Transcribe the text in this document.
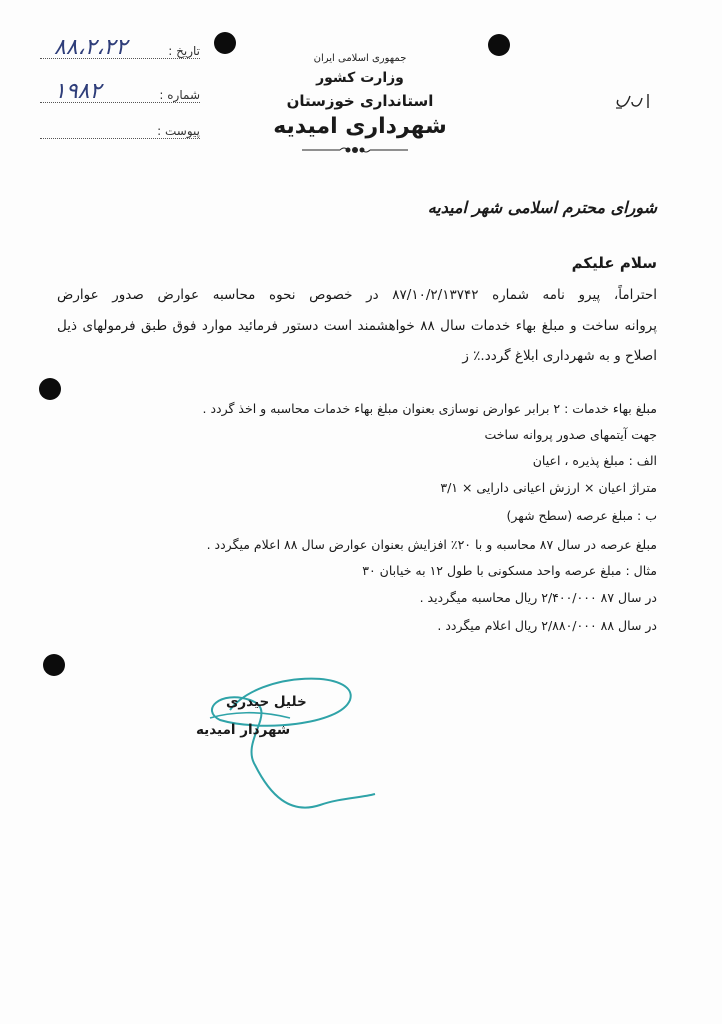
۸۸،۲،۲۲	تاریخ :
۱۹۸۲	شماره :
پیوست :
جمهوری اسلامی ایران
وزارت کشور
استانداری خوزستان
شهرداری امیدیه
شورای محترم اسلامی شهر امیدیه
سلام علیکم
احتراماً، پیرو نامه شماره ۸۷/۱۰/۲/۱۳۷۴۲ در خصوص نحوه محاسبه عوارض صدور عوارض
پروانه ساخت و مبلغ بهاء خدمات سال ۸۸ خواهشمند است دستور فرمائید موارد فوق طبق فرمولهای ذیل
اصلاح و به شهرداری ابلاغ گردد.٪ ز
مبلغ بهاء خدمات : ۲ برابر عوارض نوسازی بعنوان مبلغ بهاء خدمات محاسبه و اخذ گردد .
جهت آیتمهای صدور پروانه ساخت
الف : مبلغ پذیره ، اعیان
متراژ اعیان × ارزش اعیانی دارایی × ۳/۱
ب : مبلغ عرصه (سطح شهر)
مبلغ عرصه در سال ۸۷ محاسبه و با ۲۰٪ افزایش بعنوان عوارض سال ۸۸ اعلام میگردد .
مثال : مبلغ عرصه واحد مسکونی با طول ۱۲ به خیابان ۳۰
در سال ۸۷ ۲/۴۰۰/۰۰۰ ریال محاسبه میگردید .
در سال ۸۸ ۲/۸۸۰/۰۰۰ ریال اعلام میگردد .
خلیل حیدری
شهردار امیدیه
